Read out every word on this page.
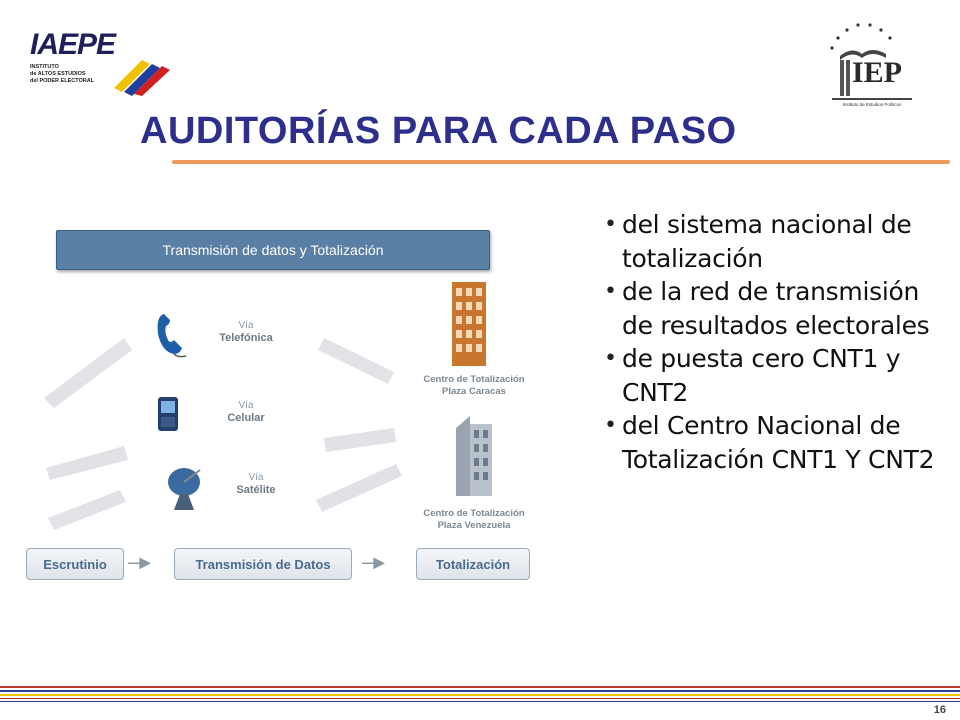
IAEPE
INSTITUTO
de ALTOS ESTUDIOS
del PODER ELECTORAL	IEP
Instituto de Estudios Políticos
AUDITORÍAS PARA CADA PASO

Transmisión de datos y Totalización
Vía
Telefónica
Vía
Celular
Vía
Satélite
Centro de Totalización
Plaza Caracas
Centro de Totalización
Plaza Venezuela
Escrutinio	‒‒▶	Transmisión de Datos	‒‒▶	Totalización
• del sistema nacional de totalización
• de la red de transmisión de resultados electorales
• de puesta cero CNT1 y CNT2
• del Centro Nacional de Totalización CNT1 Y CNT2
16
